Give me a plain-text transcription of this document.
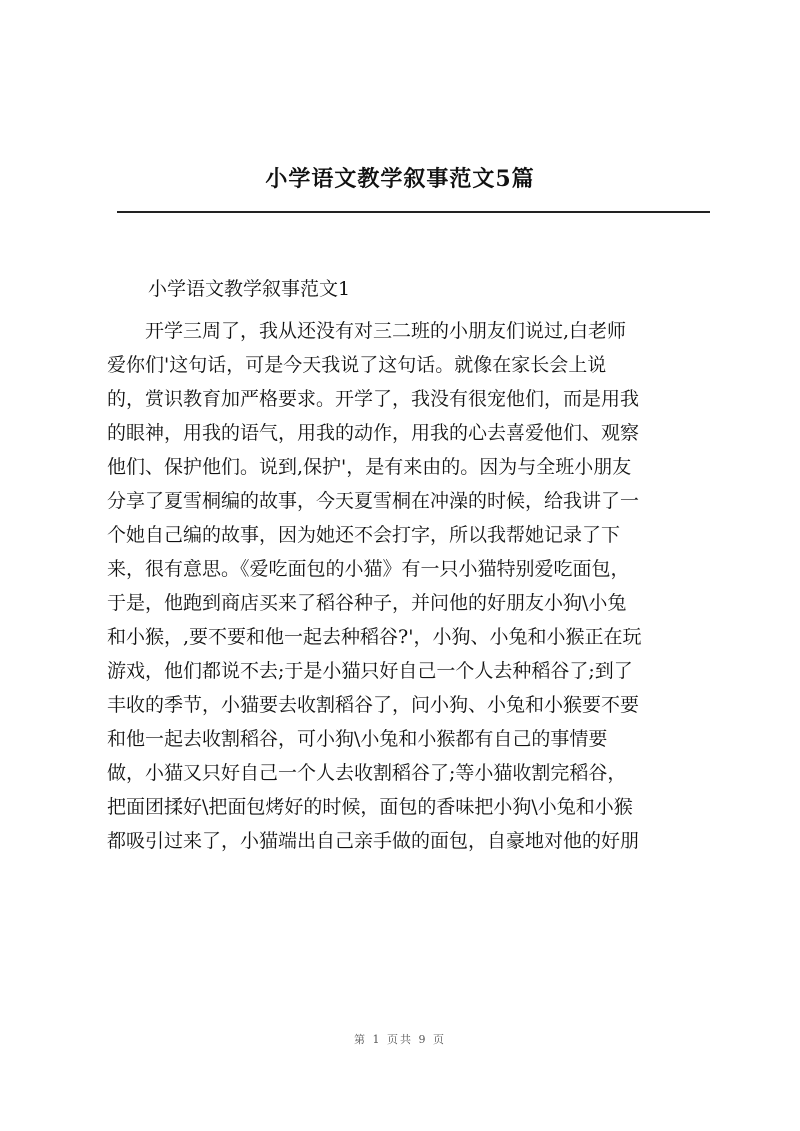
小学语文教学叙事范文5篇

小学语文教学叙事范文1

开学三周了，我从还没有对三二班的小朋友们说过,白老师
爱你们'这句话，可是今天我说了这句话。就像在家长会上说
的，赏识教育加严格要求。开学了，我没有很宠他们，而是用我
的眼神，用我的语气，用我的动作，用我的心去喜爱他们、观察
他们、保护他们。说到,保护'，是有来由的。因为与全班小朋友
分享了夏雪桐编的故事，今天夏雪桐在冲澡的时候，给我讲了一
个她自己编的故事，因为她还不会打字，所以我帮她记录了下
来，很有意思。《爱吃面包的小猫》有一只小猫特别爱吃面包，
于是，他跑到商店买来了稻谷种子，并问他的好朋友小狗\小兔
和小猴，,要不要和他一起去种稻谷?'，小狗、小兔和小猴正在玩
游戏，他们都说不去;于是小猫只好自己一个人去种稻谷了;到了
丰收的季节，小猫要去收割稻谷了，问小狗、小兔和小猴要不要
和他一起去收割稻谷，可小狗\小兔和小猴都有自己的事情要
做，小猫又只好自己一个人去收割稻谷了;等小猫收割完稻谷，
把面团揉好\把面包烤好的时候，面包的香味把小狗\小兔和小猴
都吸引过来了，小猫端出自己亲手做的面包，自豪地对他的好朋
第 1 页共 9 页
